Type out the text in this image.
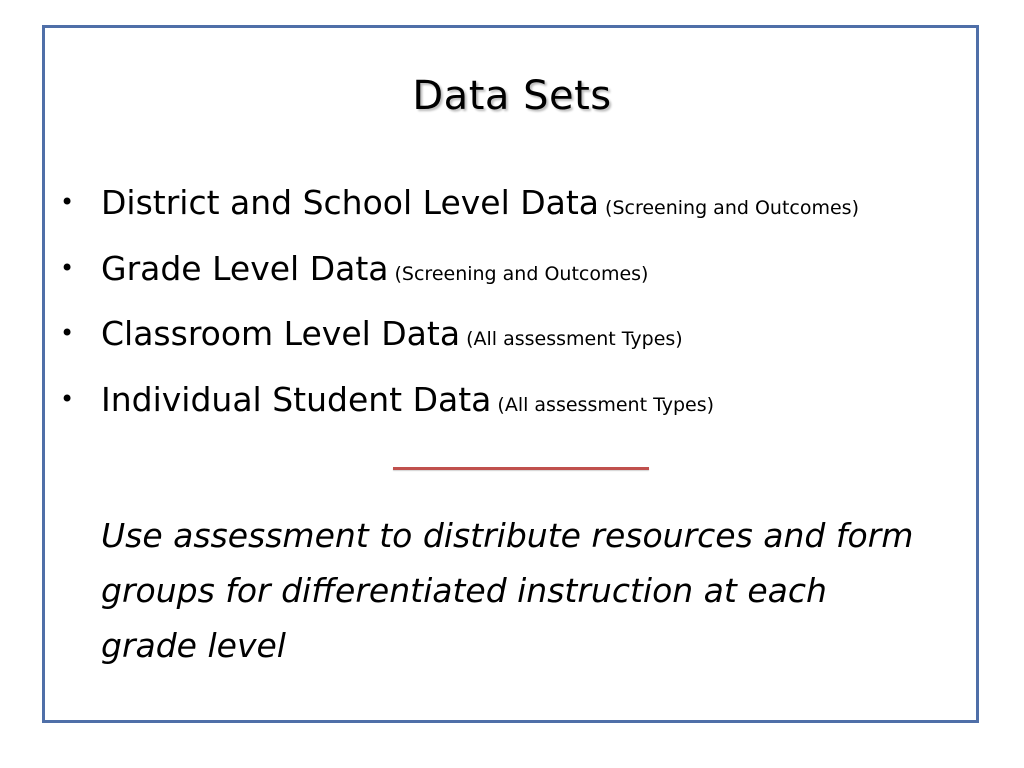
Data Sets
• District and School Level Data (Screening and Outcomes)
• Grade Level Data (Screening and Outcomes)
• Classroom Level Data (All assessment Types)
• Individual Student Data (All assessment Types)
Use assessment to distribute resources and form groups for differentiated instruction at each grade level
